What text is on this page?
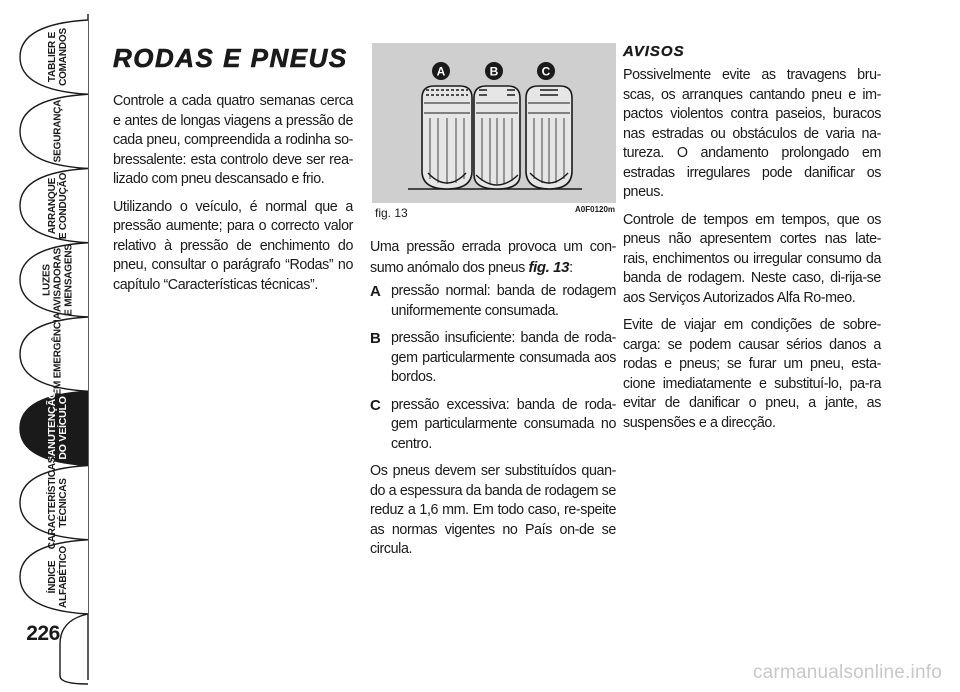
TABLIER E
COMANDOS
SEGURANÇA
ARRANQUE
E CONDUÇÃO
LUZES
AVISADORAS
E MENSAGENS
EM EMERGÊNCIA
MANUTENÇÃO
DO VEÍCULO
CARACTERÍSTICAS
TÉCNICAS
ÍNDICE
ALFABÉTICO
226
RODAS E PNEUS

Controle a cada quatro semanas cerca e antes de longas viagens a pressão de cada pneu, compreendida a rodinha so-bressalente: esta controlo deve ser rea-lizado com pneu descansado e frio.

Utilizando o veículo, é normal que a pressão aumente; para o correcto valor relativo à pressão de enchimento do pneu, consultar o parágrafo “Rodas” no capítulo “Características técnicas”.

A	B	C
fig. 13	A0F0120m

Uma pressão errada provoca um con-sumo anómalo dos pneus fig. 13:

A pressão normal: banda de rodagem uniformemente consumada.
B pressão insuficiente: banda de roda-gem particularmente consumada aos bordos.
C pressão excessiva: banda de roda-gem particularmente consumada no centro.

Os pneus devem ser substituídos quan-do a espessura da banda de rodagem se reduz a 1,6 mm. Em todo caso, re-speite as normas vigentes no País on-de se circula.

AVISOS

Possivelmente evite as travagens bru-scas, os arranques cantando pneu e im-pactos violentos contra paseios, buracos nas estradas ou obstáculos de varia na-tureza. O andamento prolongado em estradas irregulares pode danificar os pneus.

Controle de tempos em tempos, que os pneus não apresentem cortes nas late-rais, enchimentos ou irregular consumo da banda de rodagem. Neste caso, di-rija-se aos Serviços Autorizados Alfa Ro-meo.

Evite de viajar em condições de sobre-carga: se podem causar sérios danos a rodas e pneus; se furar um pneu, esta-cione imediatamente e substituí-lo, pa-ra evitar de danificar o pneu, a jante, as suspensões e a direcção.

carmanualsonline.info
